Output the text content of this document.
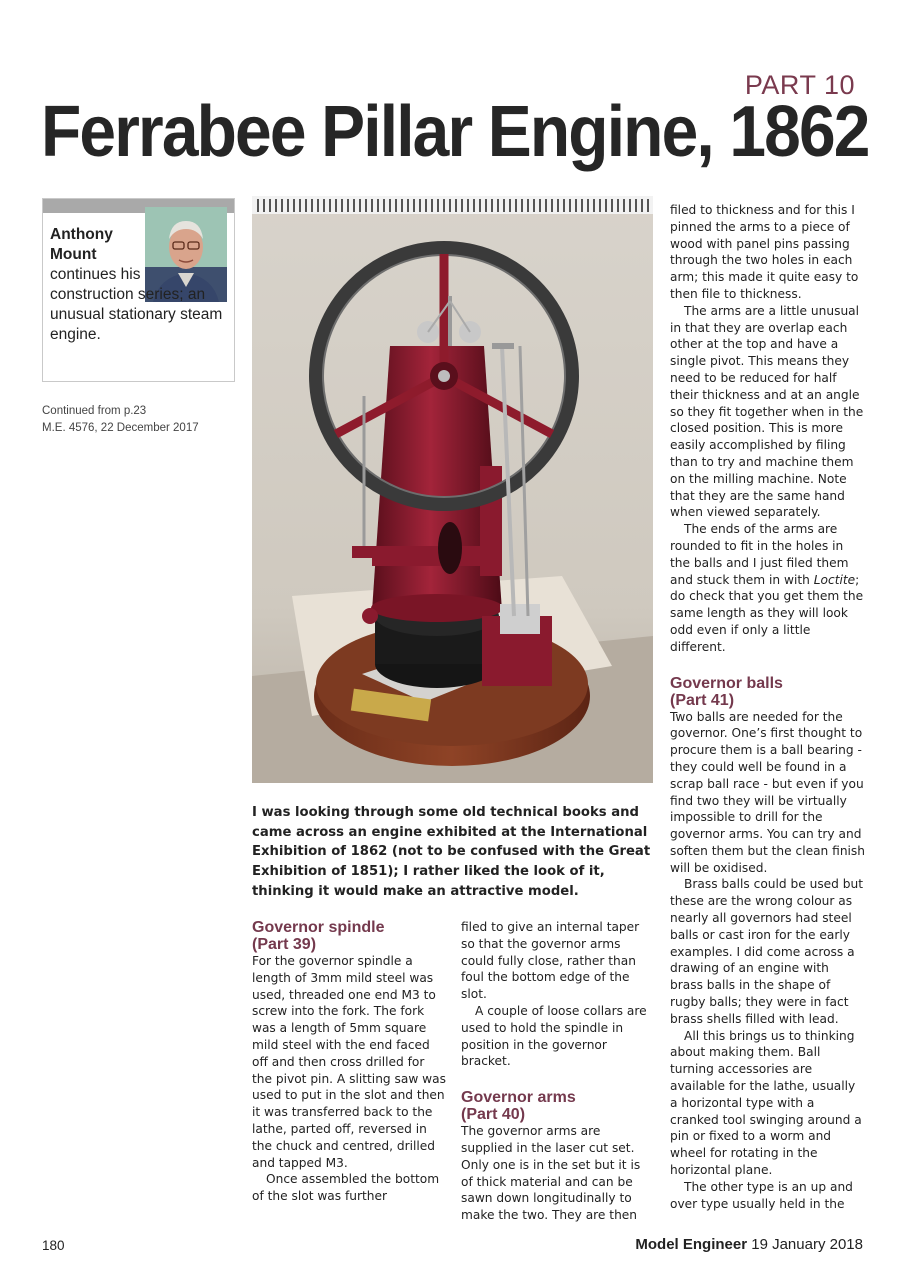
PART 10
Ferrabee Pillar Engine, 1862
Anthony
Mount
continues his construction series; an unusual stationary steam engine.
Continued from p.23
M.E. 4576, 22 December 2017
I was looking through some old technical books and came across an engine exhibited at the International Exhibition of 1862 (not to be confused with the Great Exhibition of 1851); I rather liked the look of it, thinking it would make an attractive model.
Governor spindle
(Part 39)

For the governor spindle a length of 3mm mild steel was used, threaded one end M3 to screw into the fork. The fork was a length of 5mm square mild steel with the end faced off and then cross drilled for the pivot pin. A slitting saw was used to put in the slot and then it was transferred back to the lathe, parted off, reversed in the chuck and centred, drilled and tapped M3.

Once assembled the bottom of the slot was further

filed to give an internal taper so that the governor arms could fully close, rather than foul the bottom edge of the slot.

A couple of loose collars are used to hold the spindle in position in the governor bracket.

Governor arms
(Part 40)

The governor arms are supplied in the laser cut set. Only one is in the set but it is of thick material and can be sawn down longitudinally to make the two. They are then

filed to thickness and for this I pinned the arms to a piece of wood with panel pins passing through the two holes in each arm; this made it quite easy to then file to thickness.

The arms are a little unusual in that they are overlap each other at the top and have a single pivot. This means they need to be reduced for half their thickness and at an angle so they fit together when in the closed position. This is more easily accomplished by filing than to try and machine them on the milling machine. Note that they are the same hand when viewed separately.

The ends of the arms are rounded to fit in the holes in the balls and I just filed them and stuck them in with Loctite; do check that you get them the same length as they will look odd even if only a little different.

Governor balls
(Part 41)

Two balls are needed for the governor. One’s first thought to procure them is a ball bearing - they could well be found in a scrap ball race - but even if you find two they will be virtually impossible to drill for the governor arms. You can try and soften them but the clean finish will be oxidised.

Brass balls could be used but these are the wrong colour as nearly all governors had steel balls or cast iron for the early examples. I did come across a drawing of an engine with brass balls in the shape of rugby balls; they were in fact brass shells filled with lead.

All this brings us to thinking about making them. Ball turning accessories are available for the lathe, usually a horizontal type with a cranked tool swinging around a pin or fixed to a worm and wheel for rotating in the horizontal plane.

The other type is an up and over type usually held in the

180	Model Engineer 19 January 2018
